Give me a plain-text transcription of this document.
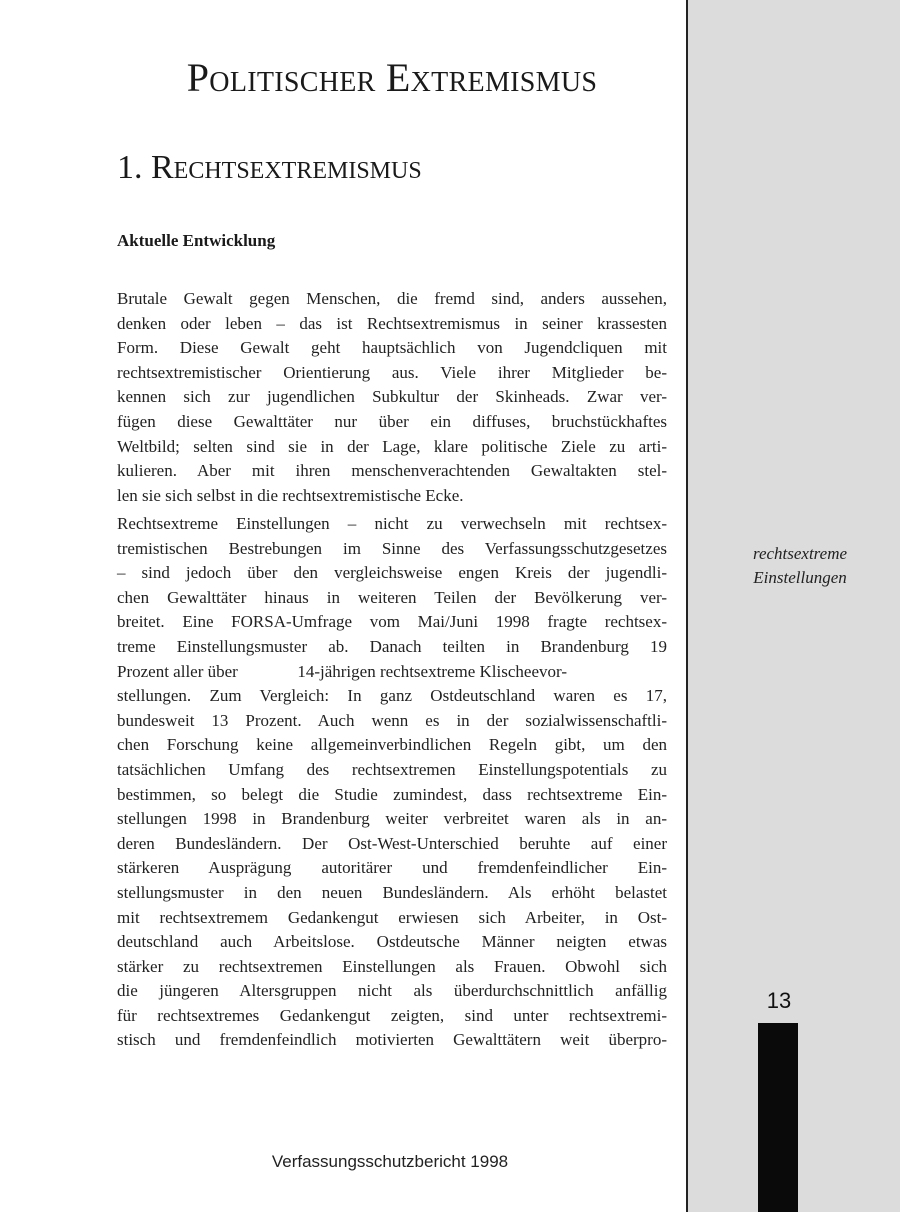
Politischer Extremismus
1. Rechtsextremismus
Aktuelle Entwicklung
Brutale Gewalt gegen Menschen, die fremd sind, anders aussehen,
denken oder leben – das ist Rechtsextremismus in seiner krassesten
Form. Diese Gewalt geht hauptsächlich von Jugendcliquen mit
rechtsextremistischer Orientierung aus. Viele ihrer Mitglieder be-
kennen sich zur jugendlichen Subkultur der Skinheads. Zwar ver-
fügen diese Gewalttäter nur über ein diffuses, bruchstückhaftes
Weltbild; selten sind sie in der Lage, klare politische Ziele zu arti-
kulieren. Aber mit ihren menschenverachtenden Gewaltakten stel-
len sie sich selbst in die rechtsextremistische Ecke.
Rechtsextreme Einstellungen – nicht zu verwechseln mit rechtsex-
tremistischen Bestrebungen im Sinne des Verfassungsschutzgesetzes
– sind jedoch über den vergleichsweise engen Kreis der jugendli-
chen Gewalttäter hinaus in weiteren Teilen der Bevölkerung ver-
breitet. Eine FORSA-Umfrage vom Mai/Juni 1998 fragte rechtsex-
treme Einstellungsmuster ab. Danach teilten in Brandenburg 19
Prozent aller über              14-jährigen rechtsextreme Klischeevor-
stellungen. Zum Vergleich: In ganz Ostdeutschland waren es 17,
bundesweit 13 Prozent. Auch wenn es in der sozialwissenschaftli-
chen Forschung keine allgemeinverbindlichen Regeln gibt, um den
tatsächlichen Umfang des rechtsextremen Einstellungspotentials zu
bestimmen, so belegt die Studie zumindest, dass rechtsextreme Ein-
stellungen 1998 in Brandenburg weiter verbreitet waren als in an-
deren Bundesländern. Der Ost-West-Unterschied beruhte auf einer
stärkeren Ausprägung autoritärer und fremdenfeindlicher Ein-
stellungsmuster in den neuen Bundesländern. Als erhöht belastet
mit rechtsextremem Gedankengut erwiesen sich Arbeiter, in Ost-
deutschland auch Arbeitslose. Ostdeutsche Männer neigten etwas
stärker zu rechtsextremen Einstellungen als Frauen. Obwohl sich
die jüngeren Altersgruppen nicht als überdurchschnittlich anfällig
für rechtsextremes Gedankengut zeigten, sind unter rechtsextremi-
stisch und fremdenfeindlich motivierten Gewalttätern weit überpro-
rechtsextreme
Einstellungen
13
Verfassungsschutzbericht 1998
